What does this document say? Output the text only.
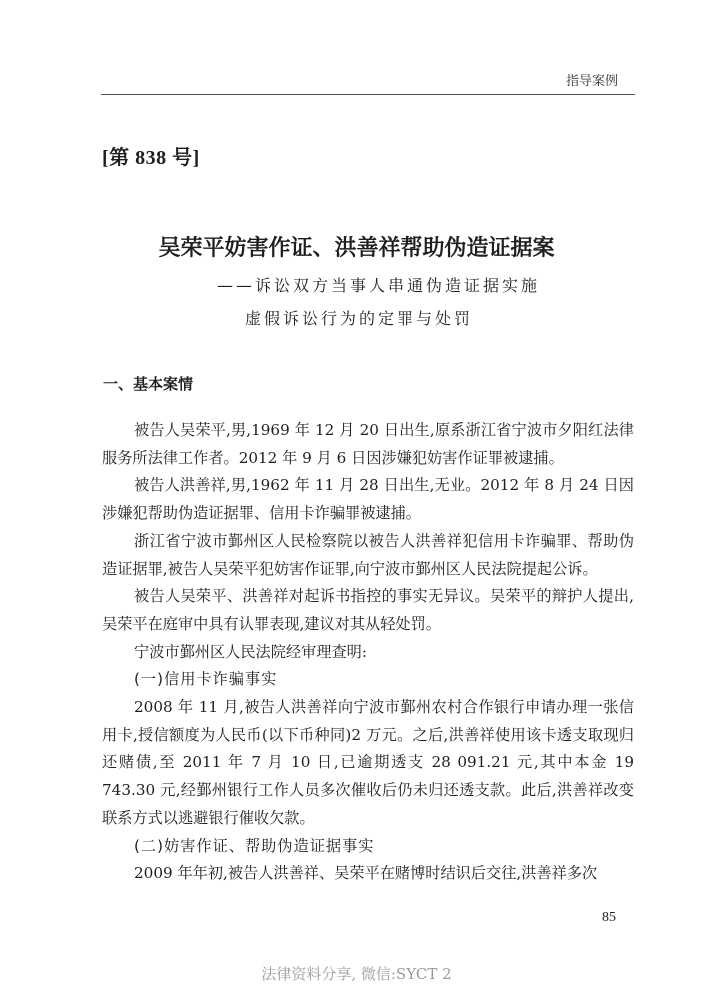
指导案例
[第 838 号]
吴荣平妨害作证、洪善祥帮助伪造证据案
——诉讼双方当事人串通伪造证据实施
虚假诉讼行为的定罪与处罚
一、基本案情

被告人吴荣平,男,1969 年 12 月 20 日出生,原系浙江省宁波市夕阳红法律服务所法律工作者。2012 年 9 月 6 日因涉嫌犯妨害作证罪被逮捕。

被告人洪善祥,男,1962 年 11 月 28 日出生,无业。2012 年 8 月 24 日因涉嫌犯帮助伪造证据罪、信用卡诈骗罪被逮捕。

浙江省宁波市鄞州区人民检察院以被告人洪善祥犯信用卡诈骗罪、帮助伪造证据罪,被告人吴荣平犯妨害作证罪,向宁波市鄞州区人民法院提起公诉。

被告人吴荣平、洪善祥对起诉书指控的事实无异议。吴荣平的辩护人提出,吴荣平在庭审中具有认罪表现,建议对其从轻处罚。

宁波市鄞州区人民法院经审理查明:

(一)信用卡诈骗事实

2008 年 11 月,被告人洪善祥向宁波市鄞州农村合作银行申请办理一张信用卡,授信额度为人民币(以下币种同)2 万元。之后,洪善祥使用该卡透支取现归还赌债,至 2011 年 7 月 10 日,已逾期透支 28 091.21 元,其中本金 19 743.30 元,经鄞州银行工作人员多次催收后仍未归还透支款。此后,洪善祥改变联系方式以逃避银行催收欠款。

(二)妨害作证、帮助伪造证据事实

2009 年年初,被告人洪善祥、吴荣平在赌博时结识后交往,洪善祥多次

85
法律资料分享, 微信:SYCT 2
